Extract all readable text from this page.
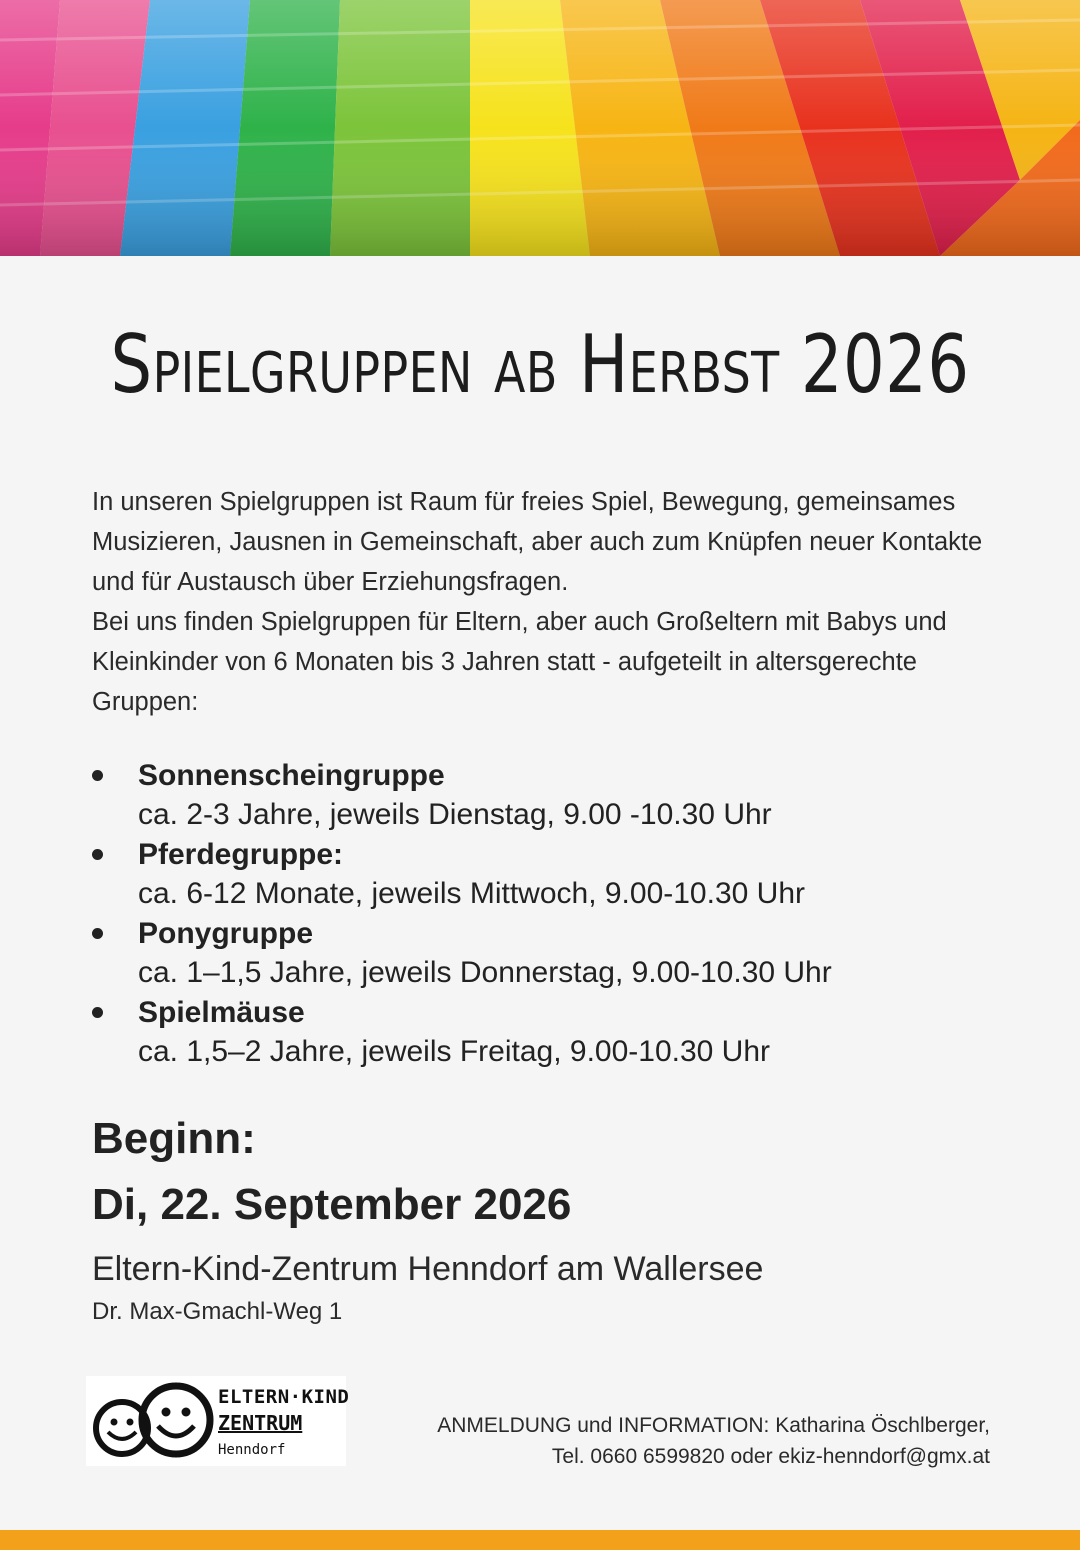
Spielgruppen ab Herbst 2026

In unseren Spielgruppen ist Raum für freies Spiel, Bewegung, gemeinsames Musizieren, Jausnen in Gemeinschaft, aber auch zum Knüpfen neuer Kontakte und für Austausch über Erziehungsfragen.

Bei uns finden Spielgruppen für Eltern, aber auch Großeltern mit Babys und Kleinkinder von 6 Monaten bis 3 Jahren statt - aufgeteilt in altersgerechte Gruppen:

Sonnenscheingruppe
ca. 2-3 Jahre, jeweils Dienstag, 9.00 -10.30 Uhr
Pferdegruppe:
ca. 6-12 Monate, jeweils Mittwoch, 9.00-10.30 Uhr
Ponygruppe
ca. 1–1,5 Jahre, jeweils Donnerstag, 9.00-10.30 Uhr
Spielmäuse
ca. 1,5–2 Jahre, jeweils Freitag, 9.00-10.30 Uhr
Beginn:
Di, 22. September 2026
Eltern-Kind-Zentrum Henndorf am Wallersee
Dr. Max-Gmachl-Weg 1
ELTERN·KIND
ZENTRUM
Henndorf
ANMELDUNG und INFORMATION: Katharina Öschlberger,
Tel. 0660 6599820 oder ekiz-henndorf@gmx.at
